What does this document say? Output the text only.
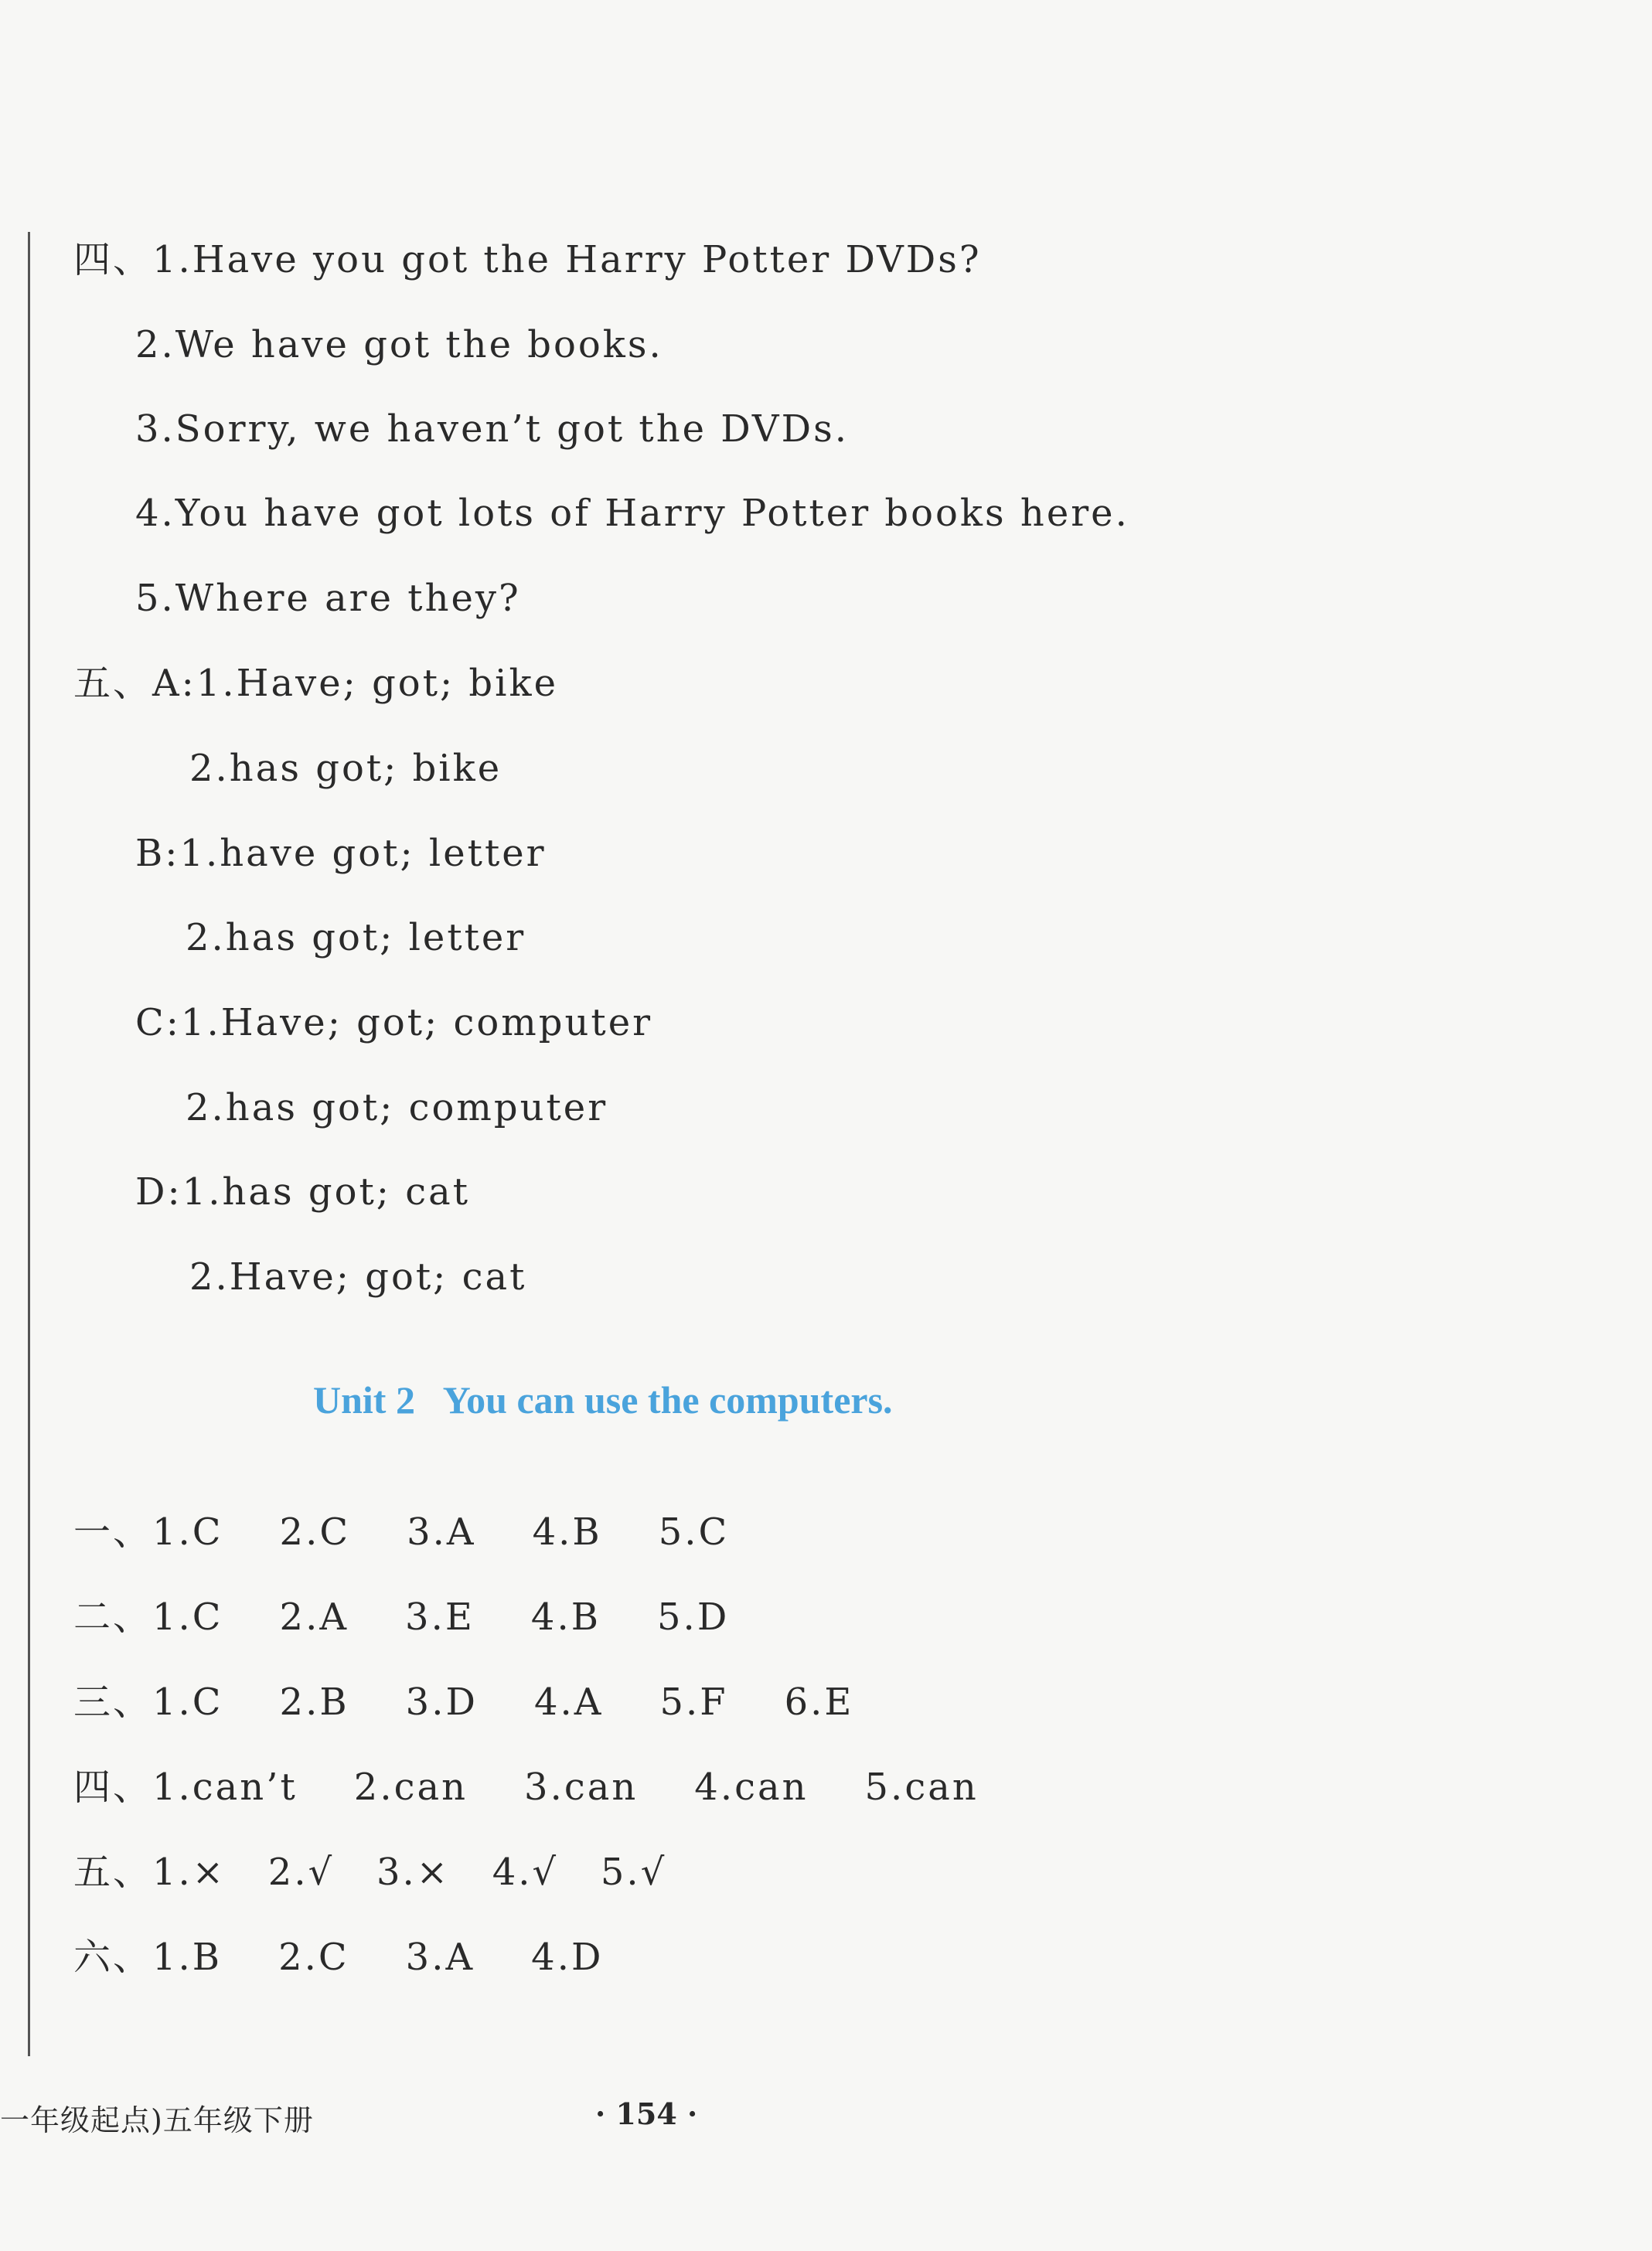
四、1.Have you got the Harry Potter DVDs?
2.We have got the books.
3.Sorry, we haven’t got the DVDs.
4.You have got lots of Harry Potter books here.
5.Where are they?
五、A:1.Have; got; bike
2.has got; bike
B:1.have got; letter
2.has got; letter
C:1.Have; got; computer
2.has got; computer
D:1.has got; cat
2.Have; got; cat
Unit 2   You can use the computers.
一、1.C    2.C    3.A    4.B    5.C
二、1.C    2.A    3.E    4.B    5.D
三、1.C    2.B    3.D    4.A    5.F    6.E
四、1.can’t    2.can    3.can    4.can    5.can
五、1.×   2.√   3.×   4.√   5.√
六、1.B    2.C    3.A    4.D
一年级起点)五年级下册	· 154 ·
